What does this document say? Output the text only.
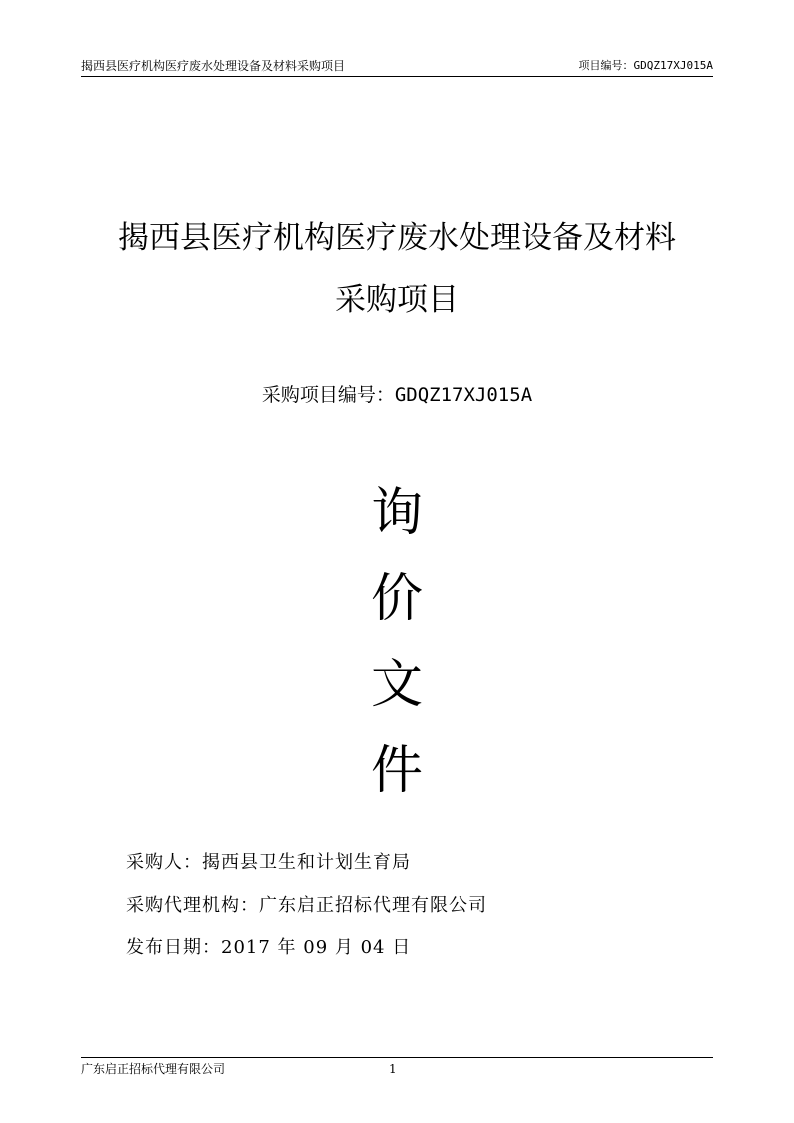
揭西县医疗机构医疗废水处理设备及材料采购项目	项目编号：GDQZ17XJ015A
揭西县医疗机构医疗废水处理设备及材料
采购项目
采购项目编号：GDQZ17XJ015A
询
价
文
件
采购人：揭西县卫生和计划生育局
采购代理机构：广东启正招标代理有限公司
发布日期：2017 年 09 月 04 日
广东启正招标代理有限公司	1
